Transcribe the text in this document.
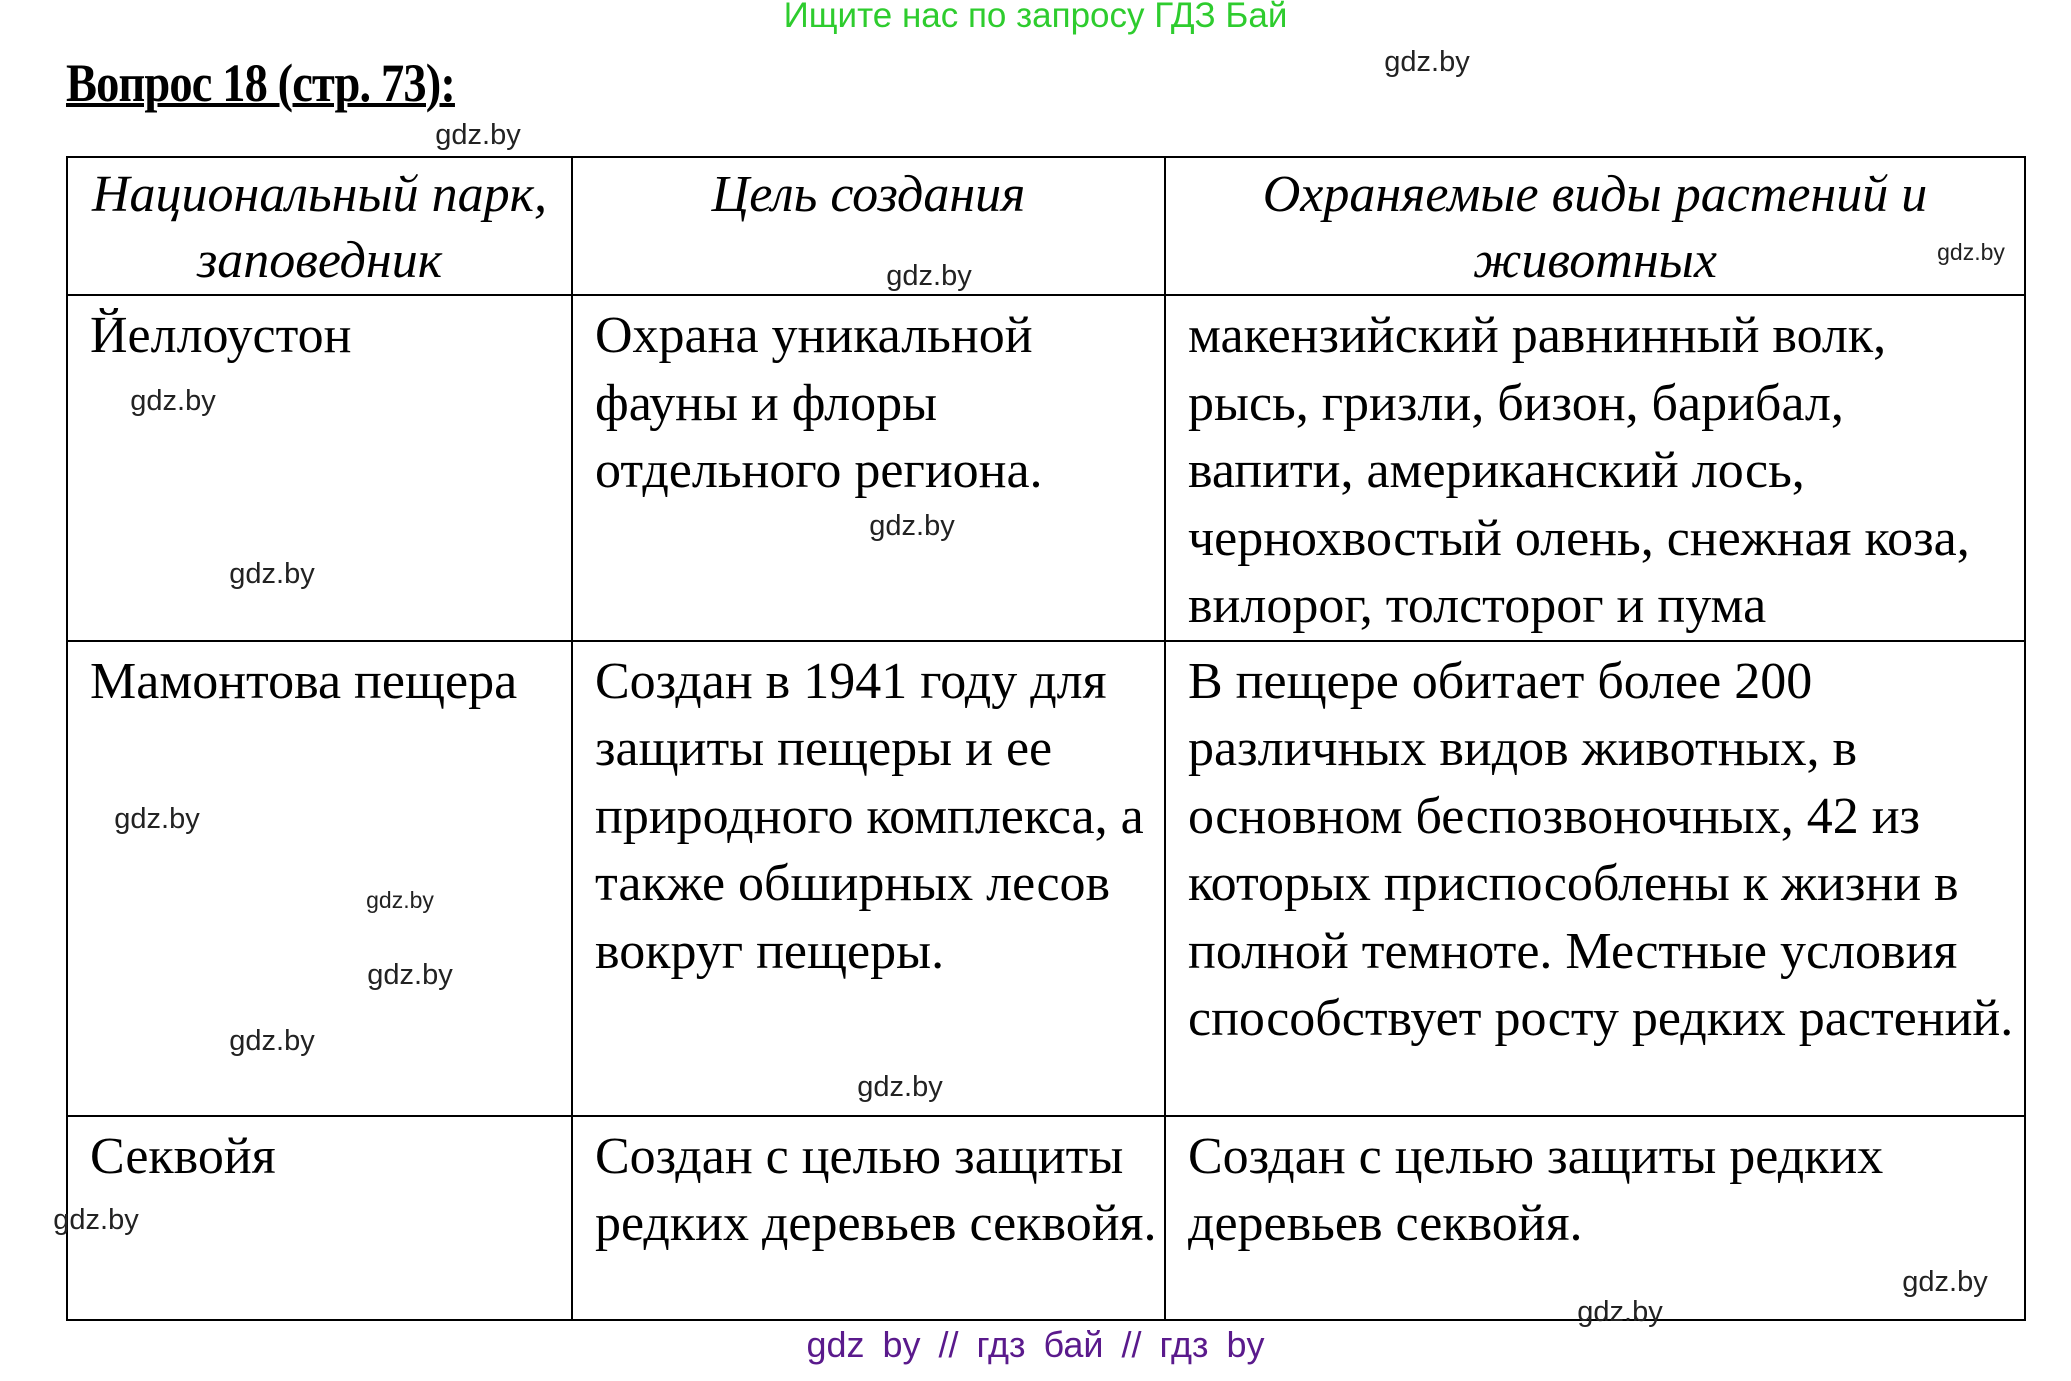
Ищите нас по запросу ГДЗ Бай
Вопрос 18 (стр. 73):
Национальный парк, заповедник	Цель создания	Охраняемые виды растений и животных
Йеллоустон	Охрана уникальной фауны и флоры отдельного региона.	макензийский равнинный волк, рысь, гризли, бизон, барибал, вапити, американский лось, чернохвостый олень, снежная коза, вилорог, толсторог и пума
Мамонтова пещера	Создан в 1941 году для защиты пещеры и ее природного комплекса, а также обширных лесов вокруг пещеры.	В пещере обитает более 200 различных видов животных, в основном беспозвоночных, 42 из которых приспособлены к жизни в полной темноте. Местные условия способствует росту редких растений.
Секвойя	Создан с целью защиты редких деревьев секвойя.	Создан с целью защиты редких деревьев секвойя.
gdz.by
gdz.by
gdz.by
gdz.by
gdz.by
gdz.by
gdz.by
gdz.by
gdz.by
gdz.by
gdz.by
gdz.by
gdz.by
gdz.by
gdz.by
gdz by // гдз бай // гдз by
